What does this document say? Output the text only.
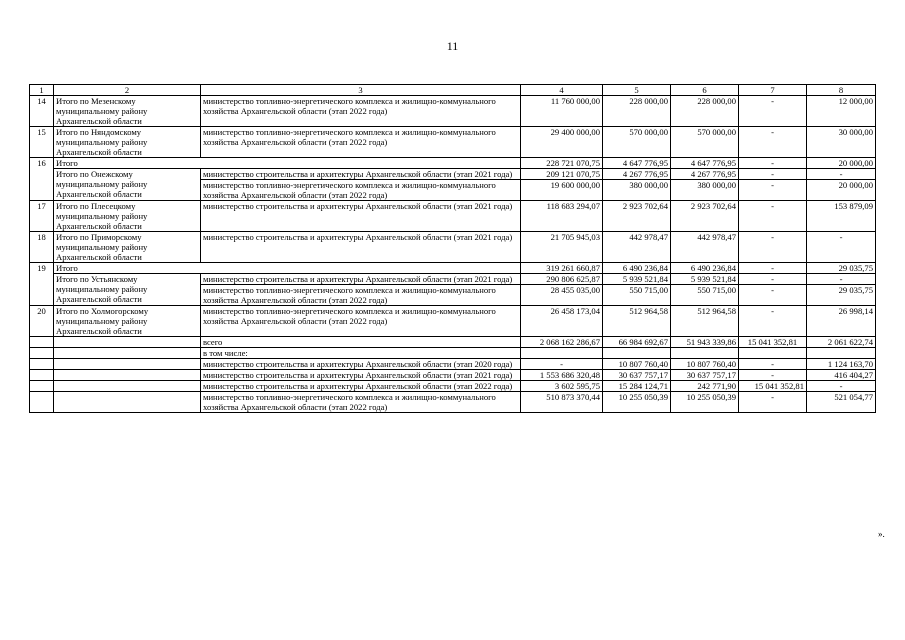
11
1	2	3	4	5	6	7	8
14	Итого по Мезенскому муниципальному району Архангельской области	министерство топливно-энергетического комплекса и жилищно-коммунального хозяйства Архангельской области (этап 2022 года)	11 760 000,00	228 000,00	228 000,00	-	12 000,00
15	Итого по Няндомскому муниципальному району Архангельской области	министерство топливно-энергетического комплекса и жилищно-коммунального хозяйства Архангельской области (этап 2022 года)	29 400 000,00	570 000,00	570 000,00	-	30 000,00
16	Итого		228 721 070,75	4 647 776,95	4 647 776,95	-	20 000,00
	Итого по Онежскому муниципальному району Архангельской области	министерство строительства и архитектуры Архангельской области (этап 2021 года)	209 121 070,75	4 267 776,95	4 267 776,95	-	-
		министерство топливно-энергетического комплекса и жилищно-коммунального хозяйства Архангельской области (этап 2022 года)	19 600 000,00	380 000,00	380 000,00	-	20 000,00
17	Итого по Плесецкому муниципальному району Архангельской области	министерство строительства и архитектуры Архангельской области (этап 2021 года)	118 683 294,07	2 923 702,64	2 923 702,64	-	153 879,09
18	Итого по Приморскому муниципальному району Архангельской области	министерство строительства и архитектуры Архангельской области (этап 2021 года)	21 705 945,03	442 978,47	442 978,47	-	-
19	Итого		319 261 660,87	6 490 236,84	6 490 236,84	-	29 035,75
	Итого по Устьянскому муниципальному району Архангельской области	министерство строительства и архитектуры Архангельской области (этап 2021 года)	290 806 625,87	5 939 521,84	5 939 521,84	-	-
		министерство топливно-энергетического комплекса и жилищно-коммунального хозяйства Архангельской области (этап 2022 года)	28 455 035,00	550 715,00	550 715,00	-	29 035,75
20	Итого по Холмогорскому муниципальному району Архангельской области	министерство топливно-энергетического комплекса и жилищно-коммунального хозяйства Архангельской области (этап 2022 года)	26 458 173,04	512 964,58	512 964,58	-	26 998,14
		всего	2 068 162 286,67	66 984 692,67	51 943 339,86	15 041 352,81	2 061 622,74
		в том числе:					
		министерство строительства и архитектуры Архангельской области (этап 2020 года)	-	10 807 760,40	10 807 760,40	-	1 124 163,70
		министерство строительства и архитектуры Архангельской области (этап 2021 года)	1 553 686 320,48	30 637 757,17	30 637 757,17	-	416 404,27
		министерство строительства и архитектуры Архангельской области (этап 2022 года)	3 602 595,75	15 284 124,71	242 771,90	15 041 352,81	-
		министерство топливно-энергетического комплекса и жилищно-коммунального хозяйства Архангельской области (этап 2022 года)	510 873 370,44	10 255 050,39	10 255 050,39	-	521 054,77
».
